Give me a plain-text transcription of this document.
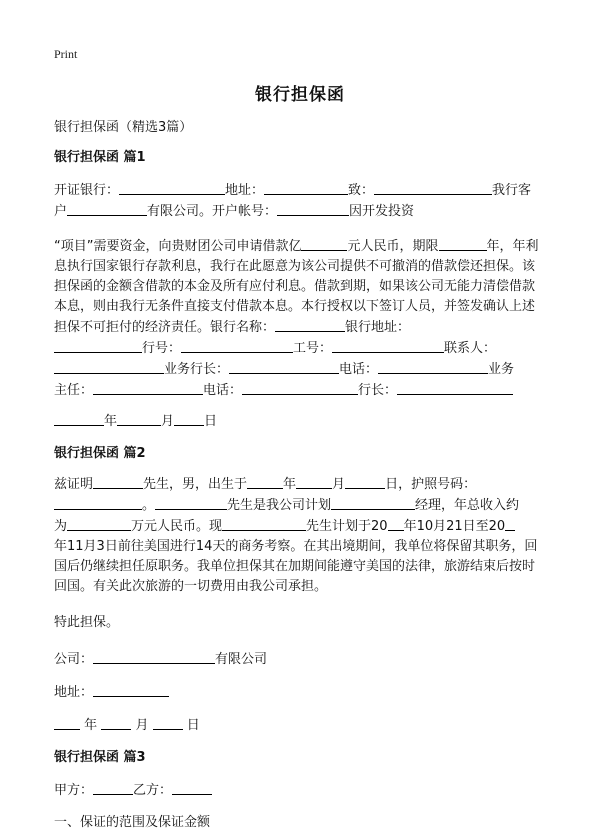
Print
银行担保函

银行担保函（精选3篇）

银行担保函 篇1

开证银行：	地址：	致：	我行客

户	有限公司。开户帐号：	因开发投资

“项目”需要资金，向贵财团公司申请借款亿	元人民币，期限	年，年利息执行国家银行存款利息，我行在此愿意为该公司提供不可撤消的借款偿还担保。该担保函的金额含借款的本金及所有应付利息。借款到期，如果该公司无能力清偿借款本息，则由我行无条件直接支付借款本息。本行授权以下签订人员，并签发确认上述担保不可拒付的经济责任。银行名称：	银行地址：

行号：	工号：	联系人：

业务行长：	电话：	业务

主任：	电话：	行长：

年	月 日

银行担保函 篇2

兹证明	先生，男，出生于	年	月	日，护照号码：

。	先生是我公司计划	经理，年总收入约

为	万元人民币。现	先生计划于20 年10月21日至20

年11月3日前往美国进行14天的商务考察。在其出境期间，我单位将保留其职务，回国后仍继续担任原职务。我单位担保其在加期间能遵守美国的法律，旅游结束后按时回国。有关此次旅游的一切费用由我公司承担。

特此担保。

公司：	有限公司

地址：

年	月	日

银行担保函 篇3

甲方：	乙方：

一、保证的范围及保证金额
